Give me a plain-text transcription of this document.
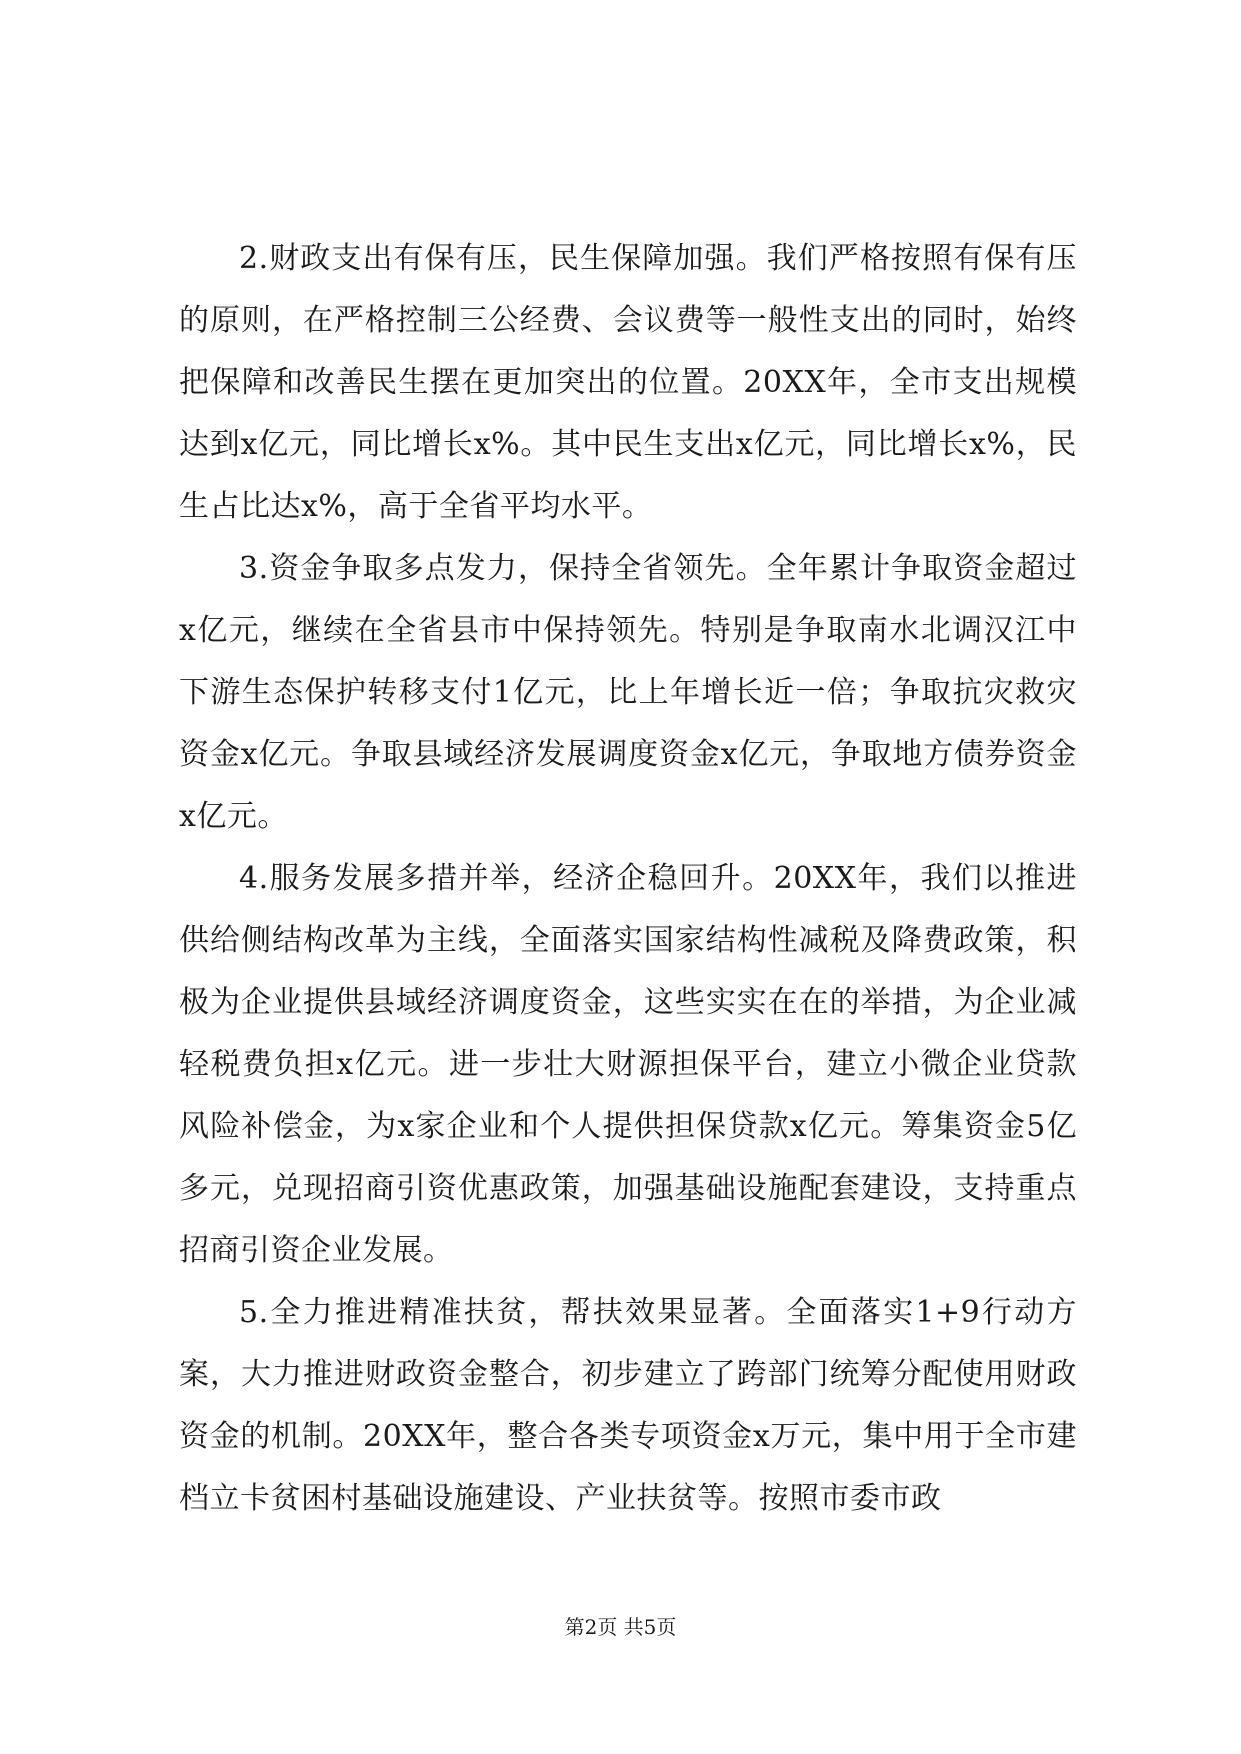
2.财政支出有保有压，民生保障加强。我们严格按照有保有压的原则，在严格控制三公经费、会议费等一般性支出的同时，始终把保障和改善民生摆在更加突出的位置。20XX年，全市支出规模达到x亿元，同比增长x%。其中民生支出x亿元，同比增长x%，民生占比达x%，高于全省平均水平。

3.资金争取多点发力，保持全省领先。全年累计争取资金超过x亿元，继续在全省县市中保持领先。特别是争取南水北调汉江中下游生态保护转移支付1亿元，比上年增长近一倍；争取抗灾救灾资金x亿元。争取县域经济发展调度资金x亿元，争取地方债券资金x亿元。

4.服务发展多措并举，经济企稳回升。20XX年，我们以推进供给侧结构改革为主线，全面落实国家结构性减税及降费政策，积极为企业提供县域经济调度资金，这些实实在在的举措，为企业减轻税费负担x亿元。进一步壮大财源担保平台，建立小微企业贷款风险补偿金，为x家企业和个人提供担保贷款x亿元。筹集资金5亿多元，兑现招商引资优惠政策，加强基础设施配套建设，支持重点招商引资企业发展。

5.全力推进精准扶贫，帮扶效果显著。全面落实1+9行动方案，大力推进财政资金整合，初步建立了跨部门统筹分配使用财政资金的机制。20XX年，整合各类专项资金x万元，集中用于全市建档立卡贫困村基础设施建设、产业扶贫等。按照市委市政

第2页 共5页
